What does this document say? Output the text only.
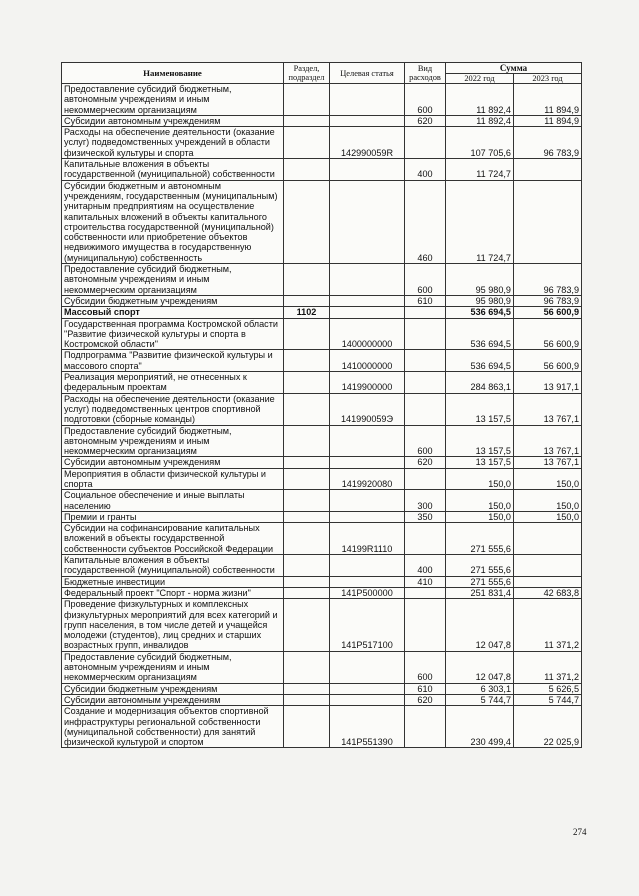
Наименование	Раздел, подраздел	Целевая статья	Вид расходов	Сумма	
				2022 год	2023 год
Предоставление субсидий бюджетным, автономным учреждениям и иным некоммерческим организациям			600	11 892,4	11 894,9
Субсидии автономным учреждениям			620	11 892,4	11 894,9
Расходы на обеспечение деятельности (оказание услуг) подведомственных учреждений в области физической культуры и спорта		142990059R		107 705,6	96 783,9
Капитальные вложения в объекты государственной (муниципальной) собственности			400	11 724,7	
Субсидии бюджетным и автономным учреждениям, государственным (муниципальным) унитарным предприятиям на осуществление капитальных вложений в объекты капитального строительства государственной (муниципальной) собственности или приобретение объектов недвижимого имущества в государственную (муниципальную) собственность			460	11 724,7	
Предоставление субсидий бюджетным, автономным учреждениям и иным некоммерческим организациям			600	95 980,9	96 783,9
Субсидии бюджетным учреждениям			610	95 980,9	96 783,9
Массовый спорт	1102			536 694,5	56 600,9
Государственная программа Костромской области "Развитие физической культуры и спорта в Костромской области"		1400000000		536 694,5	56 600,9
Подпрограмма "Развитие физической культуры и массового спорта"		1410000000		536 694,5	56 600,9
Реализация мероприятий, не отнесенных к федеральным проектам		1419900000		284 863,1	13 917,1
Расходы на обеспечение деятельности (оказание услуг) подведомственных центров спортивной подготовки (сборные команды)		141990059Э		13 157,5	13 767,1
Предоставление субсидий бюджетным, автономным учреждениям и иным некоммерческим организациям			600	13 157,5	13 767,1
Субсидии автономным учреждениям			620	13 157,5	13 767,1
Мероприятия в области физической культуры и спорта		1419920080		150,0	150,0
Социальное обеспечение и иные выплаты населению			300	150,0	150,0
Премии и гранты			350	150,0	150,0
Субсидии на софинансирование капитальных вложений в объекты государственной собственности субъектов Российской Федерации		14199R1110		271 555,6	
Капитальные вложения в объекты государственной (муниципальной) собственности			400	271 555,6	
Бюджетные инвестиции			410	271 555,6	
Федеральный проект "Спорт - норма жизни"		141P500000		251 831,4	42 683,8
Проведение физкультурных и комплексных физкультурных мероприятий для всех категорий и групп населения, в том числе детей и учащейся молодежи (студентов), лиц средних и старших возрастных групп, инвалидов		141P517100		12 047,8	11 371,2
Предоставление субсидий бюджетным, автономным учреждениям и иным некоммерческим организациям			600	12 047,8	11 371,2
Субсидии бюджетным учреждениям			610	6 303,1	5 626,5
Субсидии автономным учреждениям			620	5 744,7	5 744,7
Создание и модернизация объектов спортивной инфраструктуры региональной собственности (муниципальной собственности) для занятий физической культурой и спортом		141P551390		230 499,4	22 025,9
274
